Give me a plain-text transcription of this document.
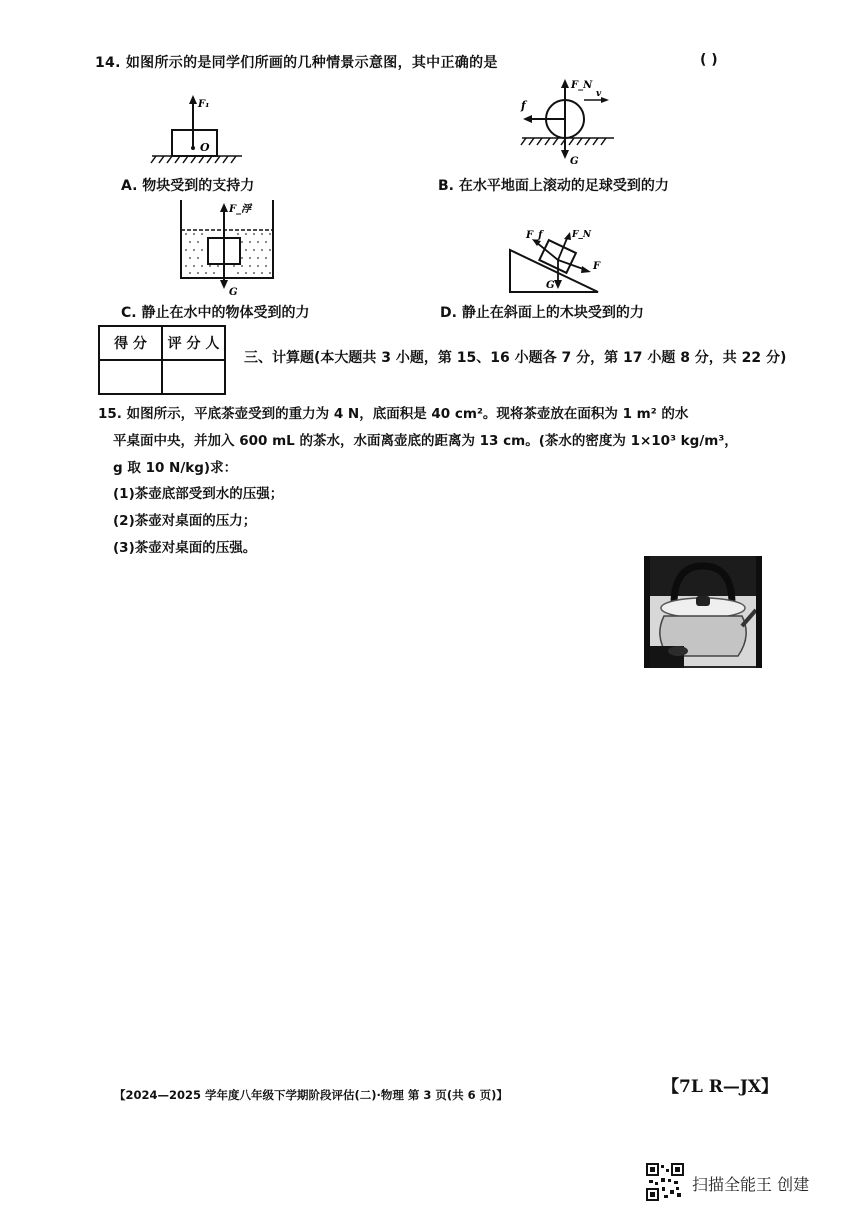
14. 如图所示的是同学们所画的几种情景示意图，其中正确的是	( )
F₁
O
A. 物块受到的支持力
F_N
f
v
G
B. 在水平地面上滚动的足球受到的力
F_浮
G
C. 静止在水中的物体受到的力
F_f	F_N
F
G
D. 静止在斜面上的木块受到的力
得 分	评 分 人

三、计算题(本大题共 3 小题，第 15、16 小题各 7 分，第 17 小题 8 分，共 22 分)
15. 如图所示，平底茶壶受到的重力为 4 N，底面积是 40 cm²。现将茶壶放在面积为 1 m² 的水
平桌面中央，并加入 600 mL 的茶水，水面离壶底的距离为 13 cm。(茶水的密度为 1×10³ kg/m³，
g 取 10 N/kg)求：
(1)茶壶底部受到水的压强；
(2)茶壶对桌面的压力；
(3)茶壶对桌面的压强。
【2024—2025 学年度八年级下学期阶段评估(二)·物理 第 3 页(共 6 页)】	【7L R—JX】
扫描全能王 创建
